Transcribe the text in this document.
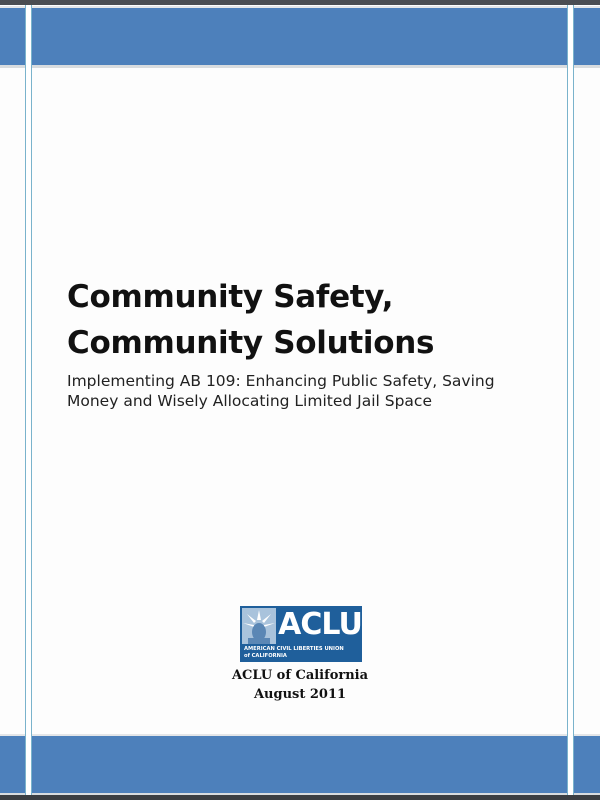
Community Safety,
Community Solutions
Implementing AB 109: Enhancing Public Safety, Saving
Money and Wisely Allocating Limited Jail Space
ACLU
AMERICAN CIVIL LIBERTIES UNION
of CALIFORNIA
ACLU of California
August 2011
